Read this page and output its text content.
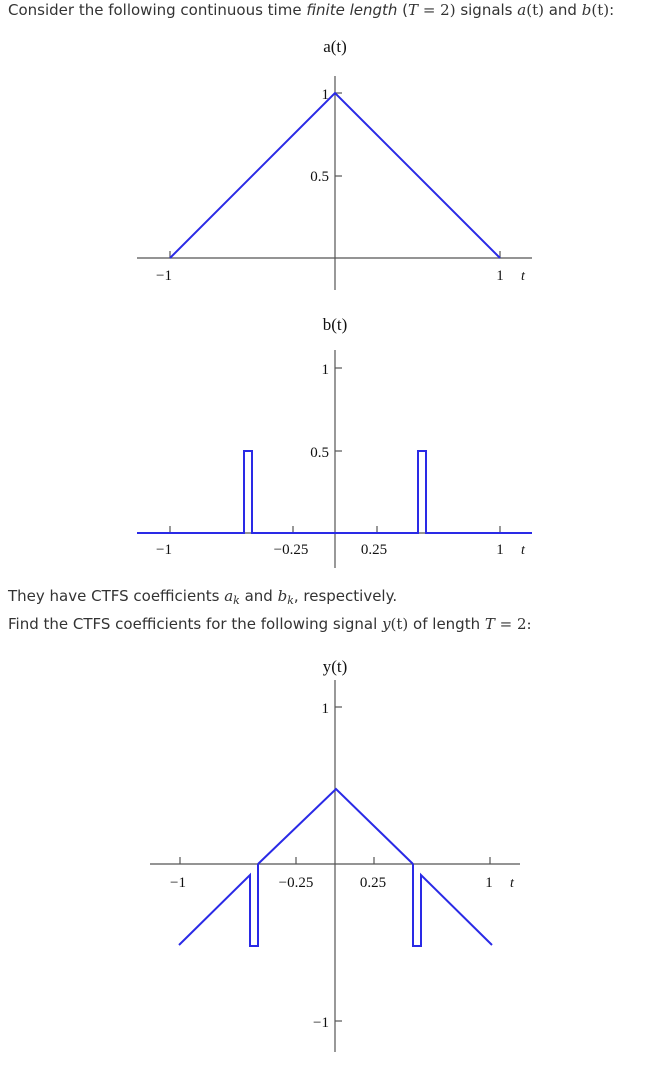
Consider the following continuous time finite length (T = 2) signals a(t) and b(t):
a(t)
1
0.5
−1	1 t
b(t)
1
0.5
−1	−0.25	0.25	1 t
They have CTFS coefficients $a_k$ and $b_k$, respectively.
Find the CTFS coefficients for the following signal y(t) of length T = 2:
y(t)
1
−1
−1	−0.25	0.25	1 t
